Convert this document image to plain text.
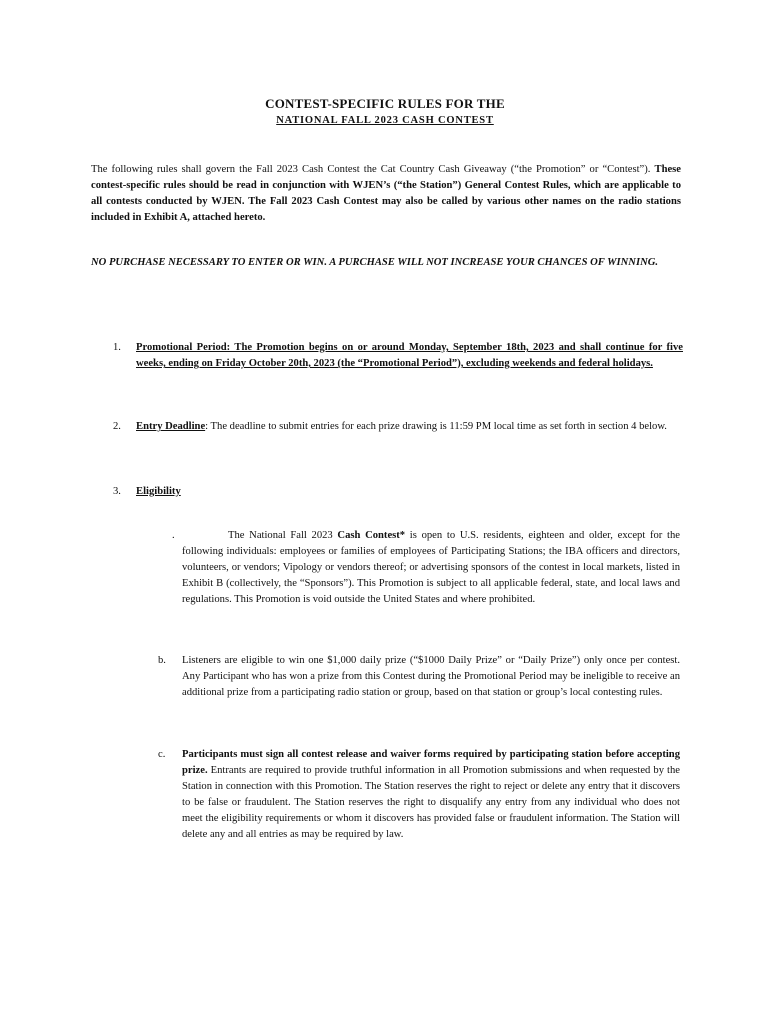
CONTEST-SPECIFIC RULES FOR THE
NATIONAL FALL 2023 CASH CONTEST
The following rules shall govern the Fall 2023 Cash Contest the Cat Country Cash Giveaway (“the Promotion” or “Contest”). These contest-specific rules should be read in conjunction with WJEN’s (“the Station”) General Contest Rules, which are applicable to all contests conducted by WJEN. The Fall 2023 Cash Contest may also be called by various other names on the radio stations included in Exhibit A, attached hereto.
NO PURCHASE NECESSARY TO ENTER OR WIN. A PURCHASE WILL NOT INCREASE YOUR CHANCES OF WINNING.
1.	Promotional Period: The Promotion begins on or around Monday, September 18th, 2023 and shall continue for five weeks, ending on Friday October 20th, 2023 (the “Promotional Period”), excluding weekends and federal holidays.
2.	Entry Deadline: The deadline to submit entries for each prize drawing is 11:59 PM local time as set forth in section 4 below.
3.	Eligibility
.	The National Fall 2023 Cash Contest* is open to U.S. residents, eighteen and older, except for the following individuals: employees or families of employees of Participating Stations; the IBA officers and directors, volunteers, or vendors; Vipology or vendors thereof; or advertising sponsors of the contest in local markets, listed in Exhibit B (collectively, the “Sponsors”). This Promotion is subject to all applicable federal, state, and local laws and regulations. This Promotion is void outside the United States and where prohibited.
b.	Listeners are eligible to win one $1,000 daily prize (“$1000 Daily Prize” or “Daily Prize”) only once per contest. Any Participant who has won a prize from this Contest during the Promotional Period may be ineligible to receive an additional prize from a participating radio station or group, based on that station or group’s local contesting rules.
c.	Participants must sign all contest release and waiver forms required by participating station before accepting prize. Entrants are required to provide truthful information in all Promotion submissions and when requested by the Station in connection with this Promotion. The Station reserves the right to reject or delete any entry that it discovers to be false or fraudulent. The Station reserves the right to disqualify any entry from any individual who does not meet the eligibility requirements or whom it discovers has provided false or fraudulent information. The Station will delete any and all entries as may be required by law.
